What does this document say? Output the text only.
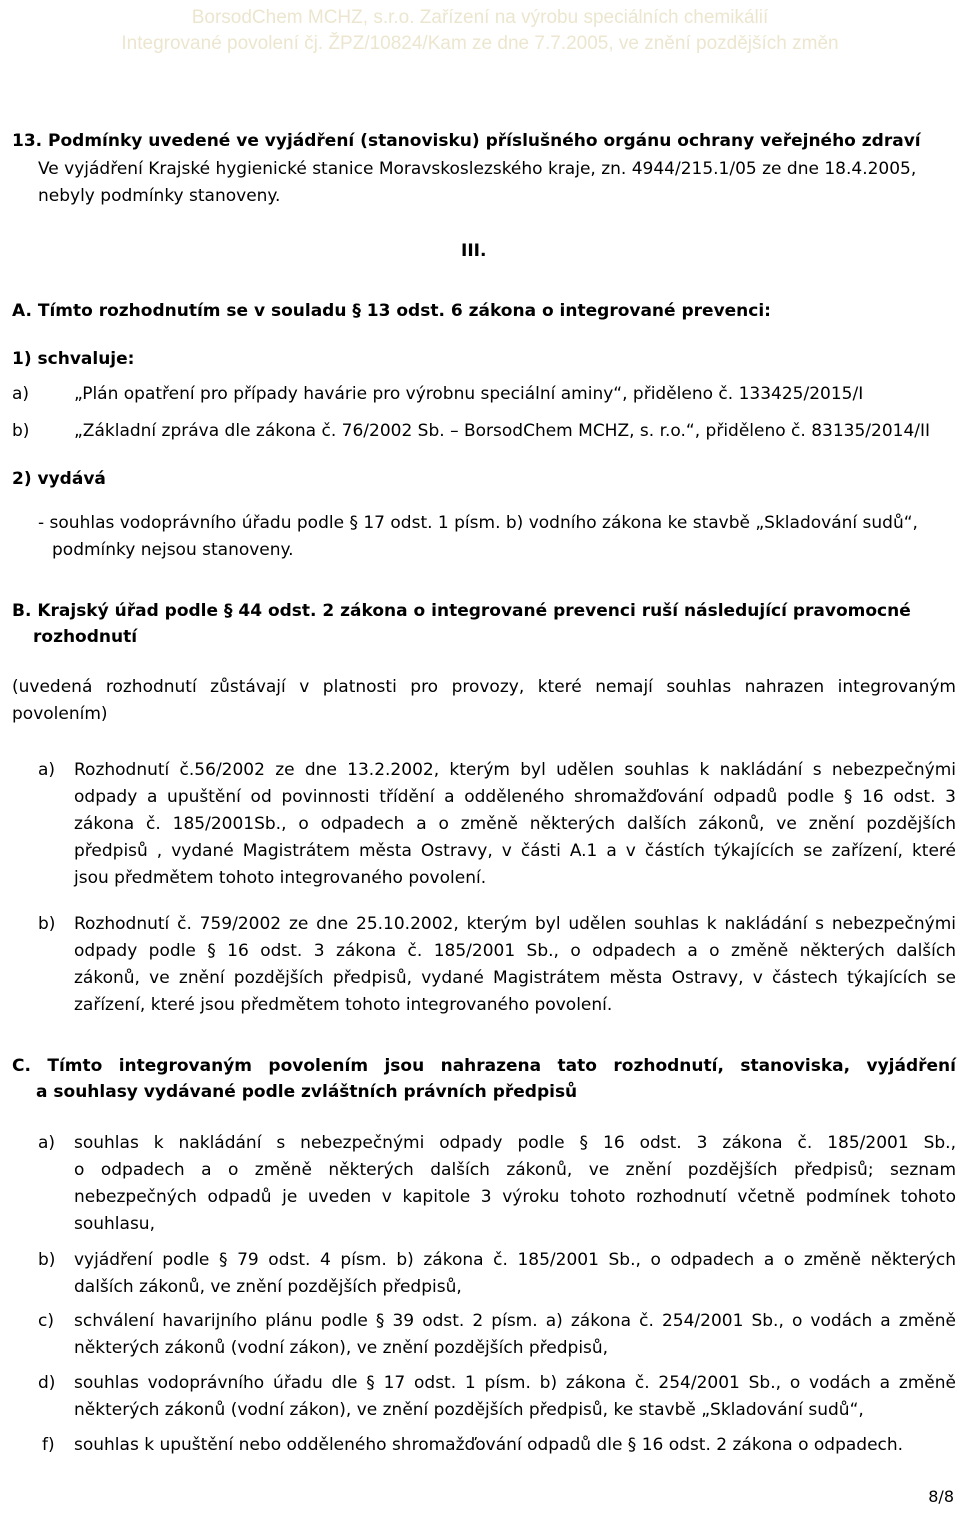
BorsodChem MCHZ, s.r.o. Zařízení na výrobu speciálních chemikálií
Integrované povolení čj. ŽPZ/10824/Kam ze dne 7.7.2005, ve znění pozdějších změn
13. Podmínky uvedené ve vyjádření (stanovisku) příslušného orgánu ochrany veřejného zdraví
Ve vyjádření Krajské hygienické stanice Moravskoslezského kraje, zn. 4944/215.1/05 ze dne 18.4.2005,
nebyly podmínky stanoveny.
III.
A. Tímto rozhodnutím se v souladu § 13 odst. 6 zákona o integrované prevenci:
1) schvaluje:
a)	„Plán opatření pro případy havárie pro výrobnu speciální aminy“, přiděleno č. 133425/2015/I
b)	„Základní zpráva dle zákona č. 76/2002 Sb. – BorsodChem MCHZ, s. r.o.“, přiděleno č. 83135/2014/II
2) vydává
- souhlas vodoprávního úřadu podle § 17 odst. 1 písm. b) vodního zákona ke stavbě „Skladování sudů“,
podmínky nejsou stanoveny.
B. Krajský úřad podle § 44 odst. 2 zákona o integrované prevenci ruší následující pravomocné
rozhodnutí
(uvedená rozhodnutí zůstávají v platnosti pro provozy, které nemají souhlas nahrazen integrovaným
povolením)
a) Rozhodnutí č.56/2002 ze dne 13.2.2002, kterým byl udělen souhlas k nakládání s nebezpečnými
odpady a upuštění od povinnosti třídění a odděleného shromažďování odpadů podle § 16 odst. 3
zákona č. 185/2001Sb., o odpadech a o změně některých dalších zákonů, ve znění pozdějších
předpisů , vydané Magistrátem města Ostravy, v části A.1 a v částích týkajících se zařízení, které
jsou předmětem tohoto integrovaného povolení.
b) Rozhodnutí č. 759/2002 ze dne 25.10.2002, kterým byl udělen souhlas k nakládání s nebezpečnými
odpady podle § 16 odst. 3 zákona č. 185/2001 Sb., o odpadech a o změně některých dalších
zákonů, ve znění pozdějších předpisů, vydané Magistrátem města Ostravy, v částech týkajících se
zařízení, které jsou předmětem tohoto integrovaného povolení.
C. Tímto integrovaným povolením jsou nahrazena tato rozhodnutí, stanoviska, vyjádření
a souhlasy vydávané podle zvláštních právních předpisů
a) souhlas k nakládání s nebezpečnými odpady podle § 16 odst. 3 zákona č. 185/2001 Sb.,
o odpadech a o změně některých dalších zákonů, ve znění pozdějších předpisů; seznam
nebezpečných odpadů je uveden v kapitole 3 výroku tohoto rozhodnutí včetně podmínek tohoto
souhlasu,
b) vyjádření podle § 79 odst. 4 písm. b) zákona č. 185/2001 Sb., o odpadech a o změně některých
dalších zákonů, ve znění pozdějších předpisů,
c) schválení havarijního plánu podle § 39 odst. 2 písm. a) zákona č. 254/2001 Sb., o vodách a změně
některých zákonů (vodní zákon), ve znění pozdějších předpisů,
d) souhlas vodoprávního úřadu dle § 17 odst. 1 písm. b) zákona č. 254/2001 Sb., o vodách a změně
některých zákonů (vodní zákon), ve znění pozdějších předpisů, ke stavbě „Skladování sudů“,
f) souhlas k upuštění nebo odděleného shromažďování odpadů dle § 16 odst. 2 zákona o odpadech.
8/8
